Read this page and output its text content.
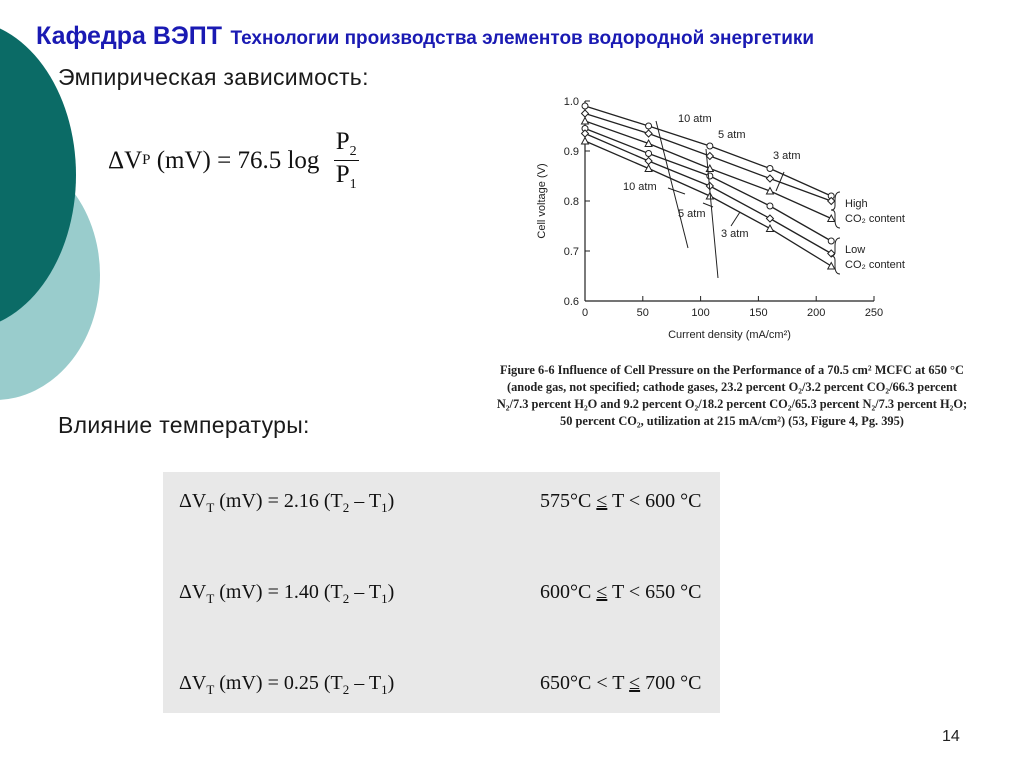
Кафедра ВЭПТ Технологии производства элементов водородной энергетики
Эмпирическая зависимость:
ΔV P (mV) = 76.5 $\log \frac{P_2}{P_1}$
0	50	100	150	200	250
0.6
0.7
0.8
0.9
1.0
Current density (mA/cm²)
Cell voltage (V)
10 atm
5 atm
3 atm
10 atm
5 atm
3 atm
High
CO₂ content
Low
CO₂ content
Figure 6-6 Influence of Cell Pressure on the Performance of a 70.5 cm² MCFC at 650 °C
(anode gas, not specified; cathode gases, 23.2 percent O₂/3.2 percent CO₂/66.3 percent
N₂/7.3 percent H₂O and 9.2 percent O₂/18.2 percent CO₂/65.3 percent N₂/7.3 percent H₂O;
50 percent CO₂, utilization at 215 mA/cm²) (53, Figure 4, Pg. 395)
Влияние температуры:
$\Delta V_T$ (mV) = 2.16 $(T_2 - T_1)$	575°C ≤ T < 600 °C
$\Delta V_T$ (mV) = 1.40 $(T_2 - T_1)$	600°C ≤ T < 650 °C
$\Delta V_T$ (mV) = 0.25 $(T_2 - T_1)$	650°C < T ≤ 700 °C
14
